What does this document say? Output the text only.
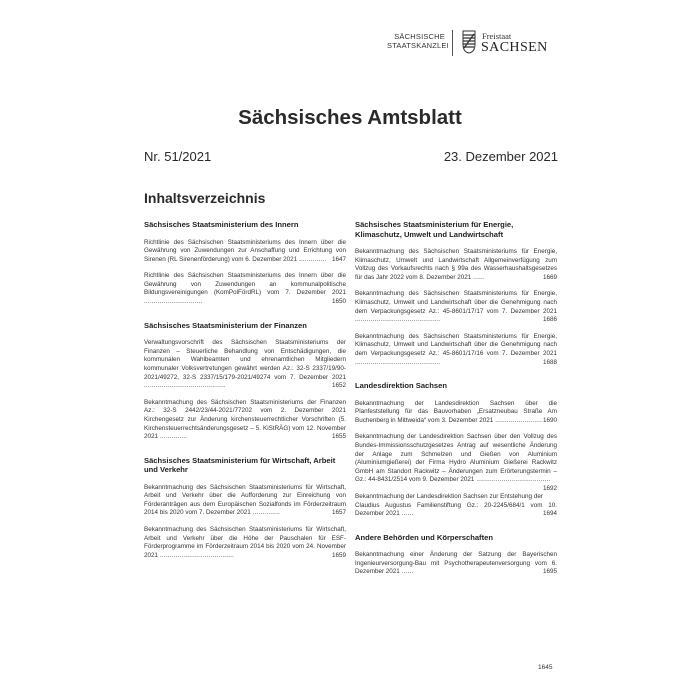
SÄCHSISCHE
STAATSKANZLEI
Freistaat
SACHSEN
Sächsisches Amtsblatt
Nr. 51/2021	23. Dezember 2021
Inhaltsverzeichnis
Sächsisches Staatsministerium des Innern
Richtlinie des Sächsischen Staatsministeriums des Innern über die Gewährung von Zuwendungen zur Anschaffung und Errichtung von Sirenen (RL Sirenenförderung) vom 6. Dezember 2021 .............. 1647
Richtlinie des Sächsischen Staatsministeriums des Innern über die Gewährung von Zuwendungen an kommunalpolitische Bildungsvereinigungen (KomPolFördRL) vom 7. Dezember 2021 ..............................	1650
Sächsisches Staatsministerium der Finanzen
Verwaltungsvorschrift des Sächsischen Staatsministeriums der Finanzen – Steuerliche Behandlung von Entschädigungen, die kommunalen Wahlbeamten und ehrenamtlichen Mitgliedern kommunaler Volksvertretungen gewährt werden Az.: 32-S 2337/19/90-2021/49272, 32-S 2337/15/179-2021/49274 vom 7. Dezember 2021 ..........................................	1652
Bekanntmachung des Sächsischen Staatsministeriums der Finanzen Az.: 32-S 2442/23/44-2021/77202 vom 2. Dezember 2021 Kirchengesetz zur Änderung kirchensteuerrechtlicher Vorschriften (5. Kirchensteuerrechtsänderungsgesetz – 5. KiStRÄG) vom 12. November 2021 ..............	1655
Sächsisches Staatsministerium für Wirtschaft, Arbeit und Verkehr
Bekanntmachung des Sächsischen Staatsministeriums für Wirtschaft, Arbeit und Verkehr über die Aufforderung zur Einreichung von Förderanträgen aus dem Europäischen Sozialfonds im Förderzeitraum 2014 bis 2020 vom 7. Dezember 2021 ..............	1657
Bekanntmachung des Sächsischen Staatsministeriums für Wirtschaft, Arbeit und Verkehr über die Höhe der Pauschalen für ESF-Förderprogramme im Förderzeitraum 2014 bis 2020 vom 24. November 2021 ......................................	1659
Sächsisches Staatsministerium für Energie, Klimaschutz, Umwelt und Landwirtschaft
Bekanntmachung des Sächsischen Staatsministeriums für Energie, Klimaschutz, Umwelt und Landwirtschaft Allgemeinverfügung zum Vollzug des Vorkaufsrechts nach § 99a des Wasserhaushaltsgesetzes für das Jahr 2022 vom 8. Dezember 2021 ......	1669
Bekanntmachung des Sächsischen Staatsministeriums für Energie, Klimaschutz, Umwelt und Landwirtschaft über die Genehmigung nach dem Verpackungsgesetz Az.: 45-8601/17/17 vom 7. Dezember 2021 ............................................	1686
Bekanntmachung des Sächsischen Staatsministeriums für Energie, Klimaschutz, Umwelt und Landwirtschaft über die Genehmigung nach dem Verpackungsgesetz Az.: 45-8601/17/16 vom 7. Dezember 2021 ............................................	1688
Landesdirektion Sachsen
Bekanntmachung der Landesdirektion Sachsen über die Planfeststellung für das Bauvorhaben „Ersatzneubau Straße Am Buchenberg in Mittweida“ vom 3. Dezember 2021 ........................ 1690
Bekanntmachung der Landesdirektion Sachsen über den Vollzug des Bundes-Immissionsschutzgesetzes Antrag auf wesentliche Änderung der Anlage zum Schmelzen und Gießen von Aluminium (Aluminiumgießerei) der Firma Hydro Aluminium Gießerei Rackwitz GmbH am Standort Rackwitz – Änderungen zum Erörterungstermin – Gz.: 44-8431/2514 vom 9. Dezember 2021 ......................................
1692
Bekanntmachung der Landesdirektion Sachsen zur Entstehung der Claudius Augustus Familienstiftung Gz.: 20-2245/684/1 vom 10. Dezember 2021 ......	1694
Andere Behörden und Körperschaften
Bekanntmachung einer Änderung der Satzung der Bayerischen Ingenieurversorgung-Bau mit Psychotherapeutenversorgung vom 6. Dezember 2021 ......	1695
1645
